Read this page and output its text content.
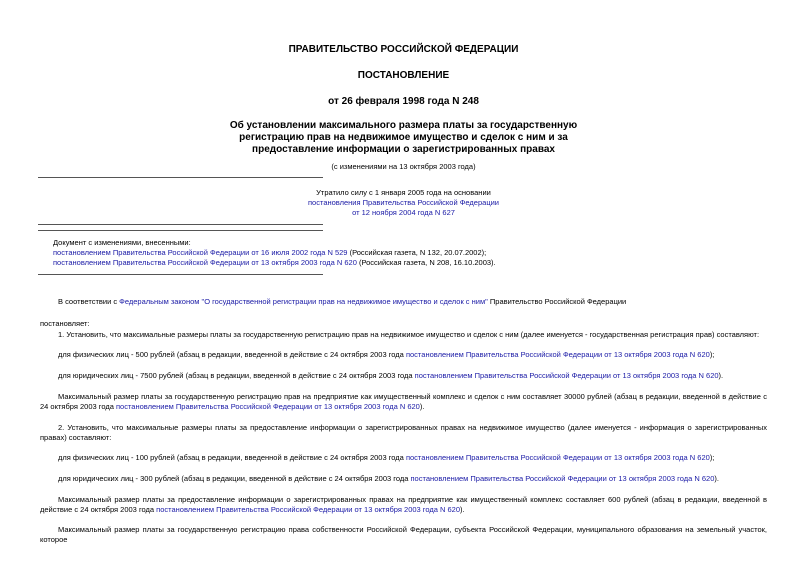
ПРАВИТЕЛЬСТВО РОССИЙСКОЙ ФЕДЕРАЦИИ
ПОСТАНОВЛЕНИЕ
от 26 февраля 1998 года N 248
Об установлении максимального размера платы за государственную
регистрацию прав на недвижимое имущество и сделок с ним и за
предоставление информации о зарегистрированных правах
(с изменениями на 13 октября 2003 года)
Утратило силу с 1 января 2005 года на основании
постановления Правительства Российской Федерации
от 12 ноября 2004 года N 627
Документ с изменениями, внесенными:
постановлением Правительства Российской Федерации от 16 июля 2002 года N 529 (Российская газета, N 132, 20.07.2002);
постановлением Правительства Российской Федерации от 13 октября 2003 года N 620 (Российская газета, N 208, 16.10.2003).
В соответствии с Федеральным законом "О государственной регистрации прав на недвижимое имущество и сделок с ним" Правительство Российской Федерации
постановляет:
1. Установить, что максимальные размеры платы за государственную регистрацию прав на недвижимое имущество и сделок с ним (далее именуется - государственная регистрация прав) составляют:
для физических лиц - 500 рублей (абзац в редакции, введенной в действие с 24 октября 2003 года постановлением Правительства Российской Федерации от 13 октября 2003 года N 620);
для юридических лиц - 7500 рублей (абзац в редакции, введенной в действие с 24 октября 2003 года постановлением Правительства Российской Федерации от 13 октября 2003 года N 620).
Максимальный размер платы за государственную регистрацию прав на предприятие как имущественный комплекс и сделок с ним составляет 30000 рублей (абзац в редакции, введенной в действие с 24 октября 2003 года постановлением Правительства Российской Федерации от 13 октября 2003 года N 620).
2. Установить, что максимальные размеры платы за предоставление информации о зарегистрированных правах на недвижимое имущество (далее именуется - информация о зарегистрированных правах) составляют:
для физических лиц - 100 рублей (абзац в редакции, введенной в действие с 24 октября 2003 года постановлением Правительства Российской Федерации от 13 октября 2003 года N 620);
для юридических лиц - 300 рублей (абзац в редакции, введенной в действие с 24 октября 2003 года постановлением Правительства Российской Федерации от 13 октября 2003 года N 620).
Максимальный размер платы за предоставление информации о зарегистрированных правах на предприятие как имущественный комплекс составляет 600 рублей (абзац в редакции, введенной в действие с 24 октября 2003 года постановлением Правительства Российской Федерации от 13 октября 2003 года N 620).
Максимальный размер платы за государственную регистрацию права собственности Российской Федерации, субъекта Российской Федерации, муниципального образования на земельный участок, которое
